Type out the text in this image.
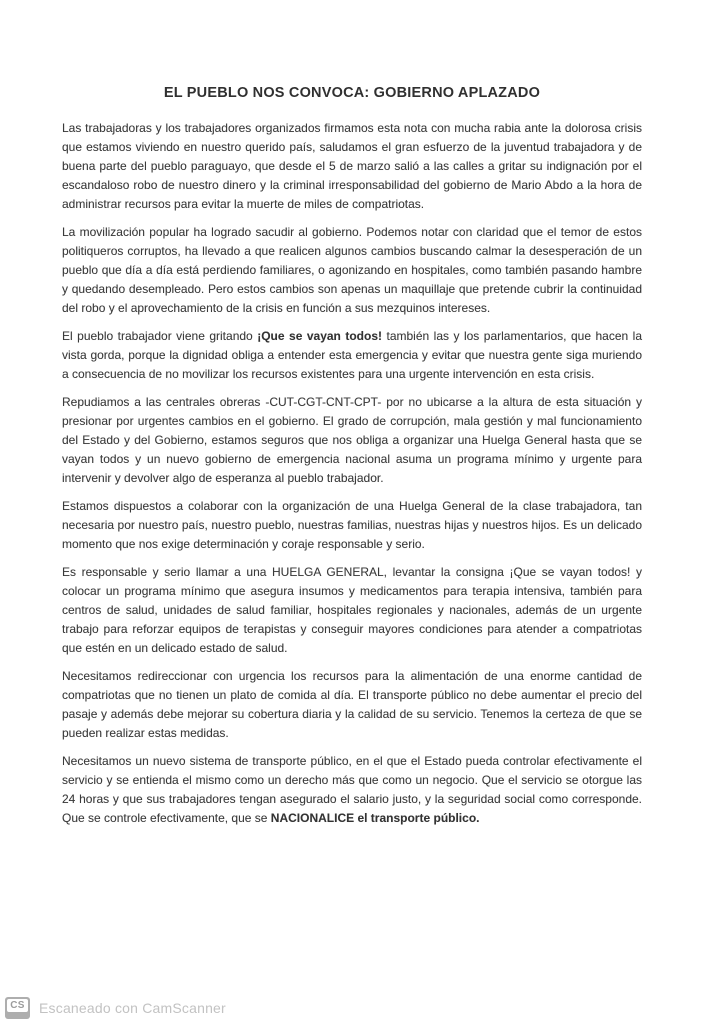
EL PUEBLO NOS CONVOCA: GOBIERNO APLAZADO

Las trabajadoras y los trabajadores organizados firmamos esta nota con mucha rabia ante la dolorosa crisis que estamos viviendo en nuestro querido país, saludamos el gran esfuerzo de la juventud trabajadora y de buena parte del pueblo paraguayo, que desde el 5 de marzo salió a las calles a gritar su indignación por el escandaloso robo de nuestro dinero y la criminal irresponsabilidad del gobierno de Mario Abdo a la hora de administrar recursos para evitar la muerte de miles de compatriotas.

La movilización popular ha logrado sacudir al gobierno. Podemos notar con claridad que el temor de estos politiqueros corruptos, ha llevado a que realicen algunos cambios buscando calmar la desesperación de un pueblo que día a día está perdiendo familiares, o agonizando en hospitales, como también pasando hambre y quedando desempleado. Pero estos cambios son apenas un maquillaje que pretende cubrir la continuidad del robo y el aprovechamiento de la crisis en función a sus mezquinos intereses.

El pueblo trabajador viene gritando ¡Que se vayan todos! también las y los parlamentarios, que hacen la vista gorda, porque la dignidad obliga a entender esta emergencia y evitar que nuestra gente siga muriendo a consecuencia de no movilizar los recursos existentes para una urgente intervención en esta crisis.

Repudiamos a las centrales obreras -CUT-CGT-CNT-CPT- por no ubicarse a la altura de esta situación y presionar por urgentes cambios en el gobierno. El grado de corrupción, mala gestión y mal funcionamiento del Estado y del Gobierno, estamos seguros que nos obliga a organizar una Huelga General hasta que se vayan todos y un nuevo gobierno de emergencia nacional asuma un programa mínimo y urgente para intervenir y devolver algo de esperanza al pueblo trabajador.

Estamos dispuestos a colaborar con la organización de una Huelga General de la clase trabajadora, tan necesaria por nuestro país, nuestro pueblo, nuestras familias, nuestras hijas y nuestros hijos. Es un delicado momento que nos exige determinación y coraje responsable y serio.

Es responsable y serio llamar a una HUELGA GENERAL, levantar la consigna ¡Que se vayan todos! y colocar un programa mínimo que asegura insumos y medicamentos para terapia intensiva, también para centros de salud, unidades de salud familiar, hospitales regionales y nacionales, además de un urgente trabajo para reforzar equipos de terapistas y conseguir mayores condiciones para atender a compatriotas que estén en un delicado estado de salud.

Necesitamos redireccionar con urgencia los recursos para la alimentación de una enorme cantidad de compatriotas que no tienen un plato de comida al día. El transporte público no debe aumentar el precio del pasaje y además debe mejorar su cobertura diaria y la calidad de su servicio. Tenemos la certeza de que se pueden realizar estas medidas.

Necesitamos un nuevo sistema de transporte público, en el que el Estado pueda controlar efectivamente el servicio y se entienda el mismo como un derecho más que como un negocio. Que el servicio se otorgue las 24 horas y que sus trabajadores tengan asegurado el salario justo, y la seguridad social como corresponde. Que se controle efectivamente, que se NACIONALICE el transporte público.

CS Escaneado con CamScanner
